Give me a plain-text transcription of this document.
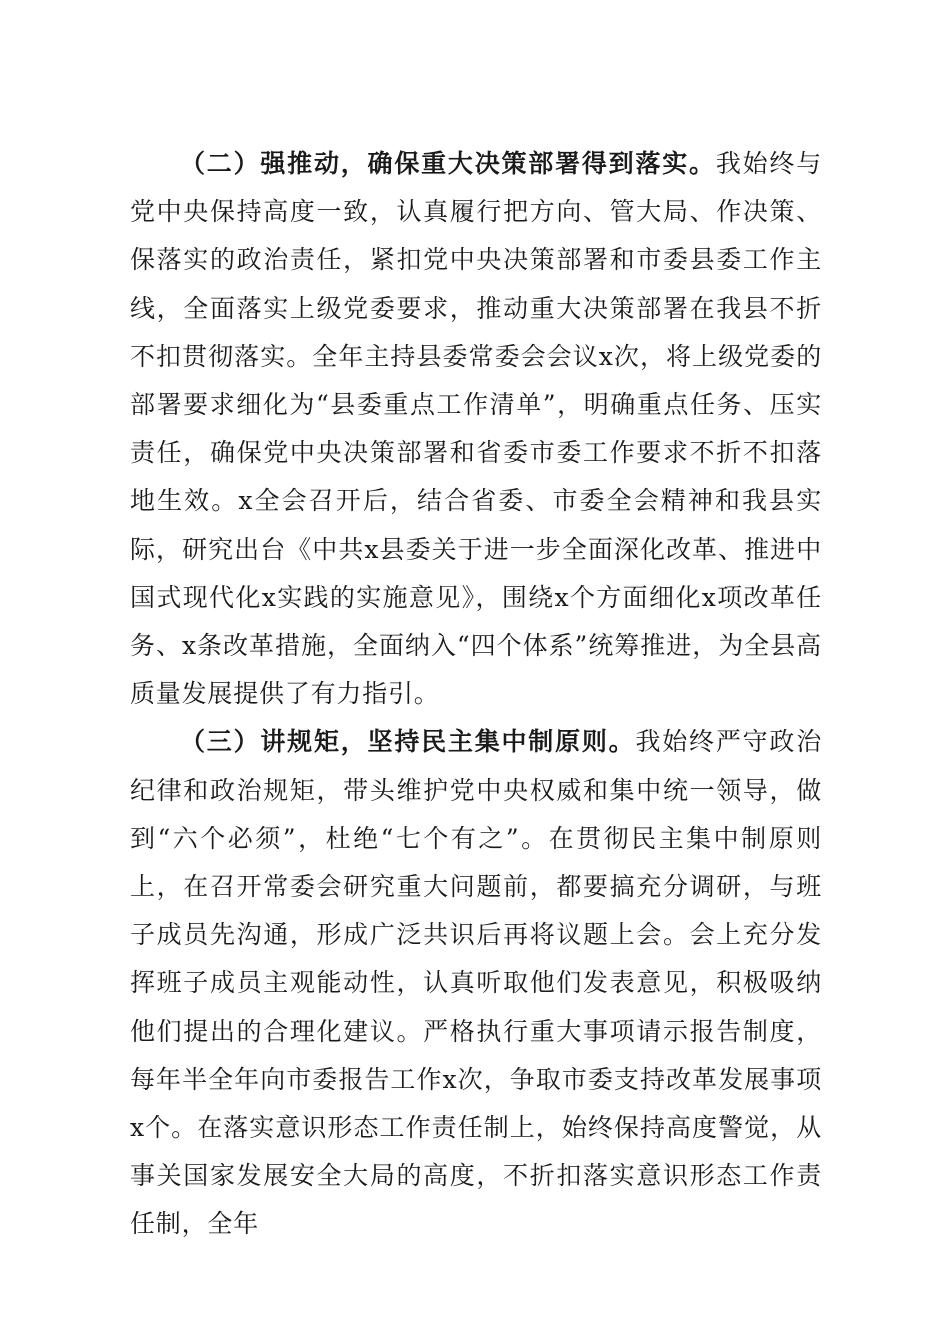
（二）强推动，确保重大决策部署得到落实。我始终与党中央保持高度一致，认真履行把方向、管大局、作决策、保落实的政治责任，紧扣党中央决策部署和市委县委工作主线，全面落实上级党委要求，推动重大决策部署在我县不折不扣贯彻落实。全年主持县委常委会会议x次，将上级党委的部署要求细化为“县委重点工作清单”，明确重点任务、压实责任，确保党中央决策部署和省委市委工作要求不折不扣落地生效。x全会召开后，结合省委、市委全会精神和我县实际，研究出台《中共x县委关于进一步全面深化改革、推进中国式现代化x实践的实施意见》，围绕x个方面细化x项改革任务、x条改革措施，全面纳入“四个体系”统筹推进，为全县高质量发展提供了有力指引。

（三）讲规矩，坚持民主集中制原则。我始终严守政治纪律和政治规矩，带头维护党中央权威和集中统一领导，做到“六个必须”，杜绝“七个有之”。在贯彻民主集中制原则上，在召开常委会研究重大问题前，都要搞充分调研，与班子成员先沟通，形成广泛共识后再将议题上会。会上充分发挥班子成员主观能动性，认真听取他们发表意见，积极吸纳他们提出的合理化建议。严格执行重大事项请示报告制度，每年半全年向市委报告工作x次，争取市委支持改革发展事项x个。在落实意识形态工作责任制上，始终保持高度警觉，从事关国家发展安全大局的高度，不折扣落实意识形态工作责任制，全年
